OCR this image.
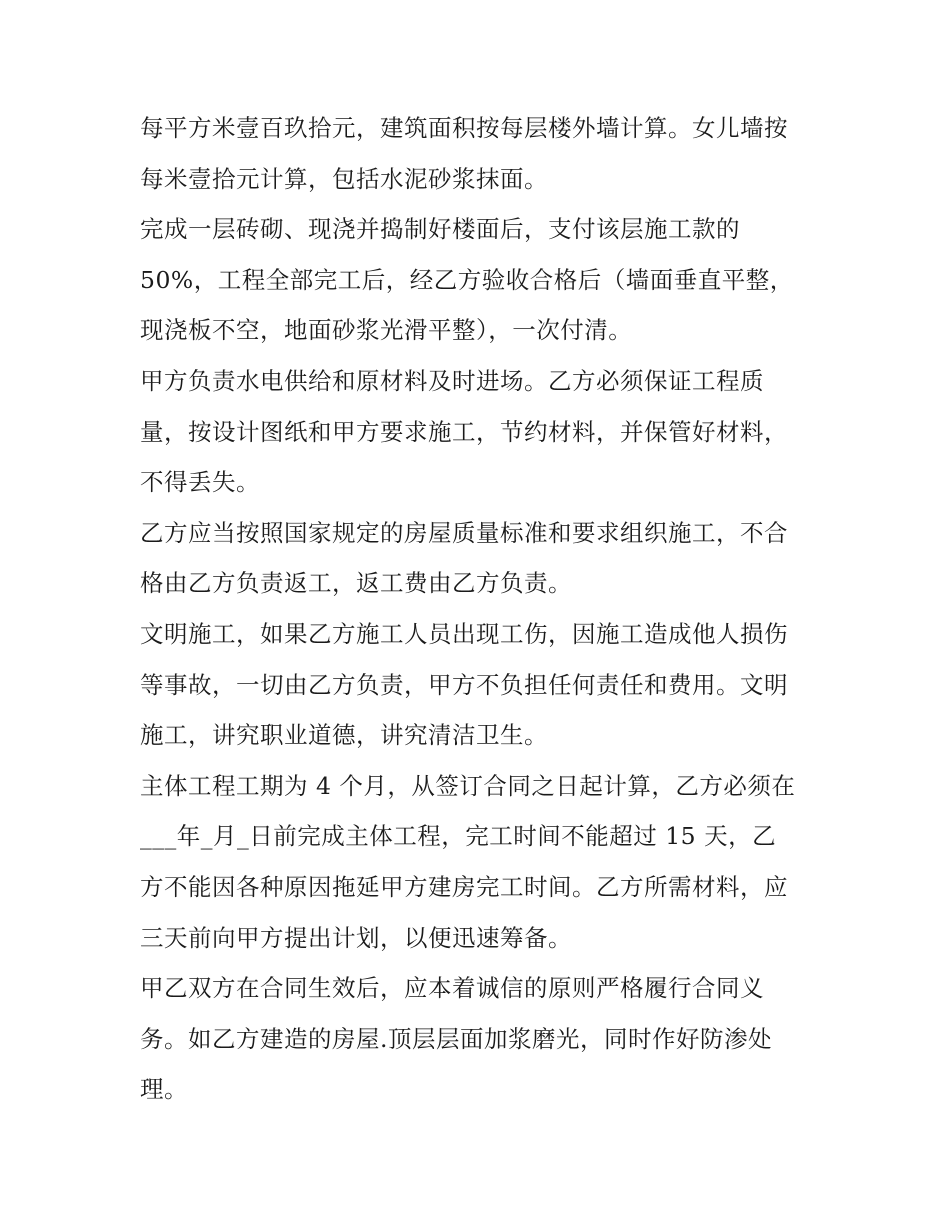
每平方米壹百玖拾元，建筑面积按每层楼外墙计算。女儿墙按
每米壹拾元计算，包括水泥砂浆抹面。

完成一层砖砌、现浇并捣制好楼面后，支付该层施工款的
50%，工程全部完工后，经乙方验收合格后（墙面垂直平整，
现浇板不空，地面砂浆光滑平整），一次付清。

甲方负责水电供给和原材料及时进场。乙方必须保证工程质
量，按设计图纸和甲方要求施工，节约材料，并保管好材料，
不得丢失。

乙方应当按照国家规定的房屋质量标准和要求组织施工，不合
格由乙方负责返工，返工费由乙方负责。

文明施工，如果乙方施工人员出现工伤，因施工造成他人损伤
等事故，一切由乙方负责，甲方不负担任何责任和费用。文明
施工，讲究职业道德，讲究清洁卫生。

主体工程工期为 4 个月，从签订合同之日起计算，乙方必须在
___年_月_日前完成主体工程，完工时间不能超过 15 天，乙
方不能因各种原因拖延甲方建房完工时间。乙方所需材料，应
三天前向甲方提出计划，以便迅速筹备。

甲乙双方在合同生效后，应本着诚信的原则严格履行合同义
务。如乙方建造的房屋.顶层层面加浆磨光，同时作好防渗处
理。
